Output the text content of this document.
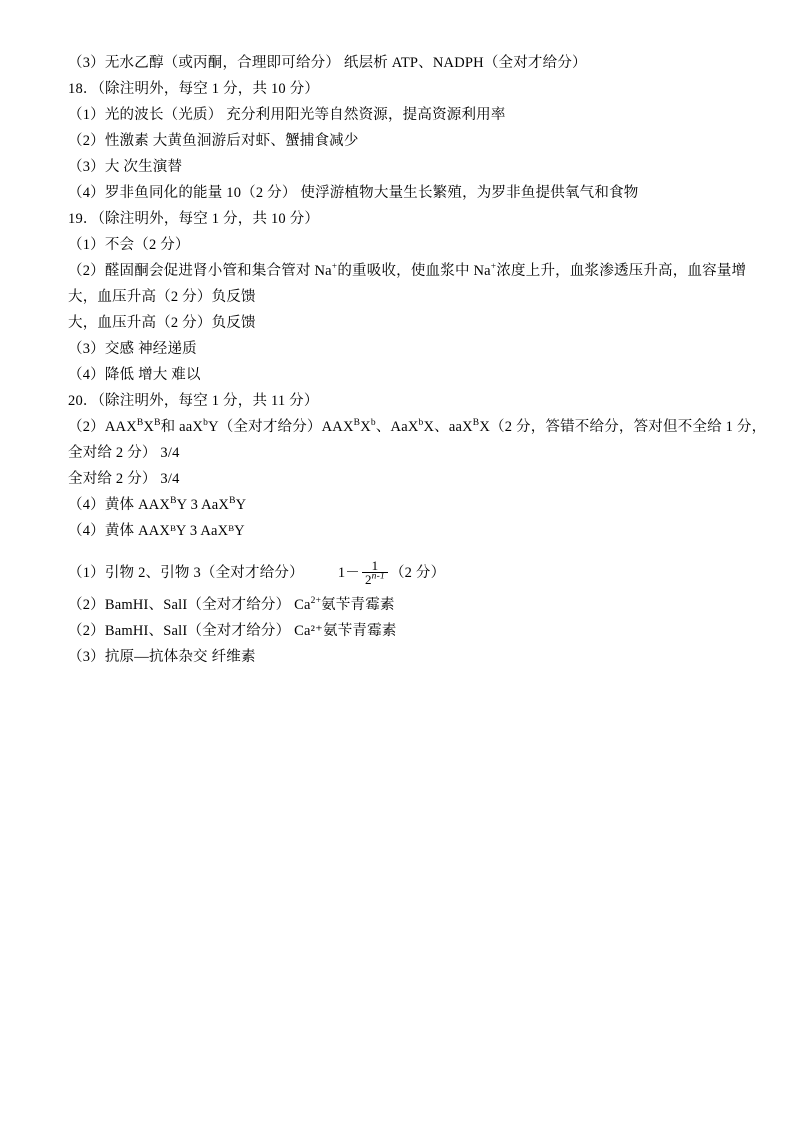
（3）无水乙醇（或丙酮，合理即可给分） 纸层析 ATP、NADPH（全对才给分）
18．（除注明外，每空 1 分，共 10 分）
（1）光的波长（光质） 充分利用阳光等自然资源，提高资源利用率
（2）性激素 大黄鱼洄游后对虾、蟹捕食减少
（3）大 次生演替
（4）罗非鱼同化的能量 10（2 分） 使浮游植物大量生长繁殖，为罗非鱼提供氧气和食物
19．（除注明外，每空 1 分，共 10 分）
（1）不会（2 分）
（2）醛固酮会促进肾小管和集合管对 Na+的重吸收，使血浆中 Na+浓度上升，血浆渗透压升高，血容量增
大，血压升高（2 分）负反馈
大，血压升高（2 分）负反馈
（3）交感 神经递质
（4）降低 增大 难以
20．（除注明外，每空 1 分，共 11 分）
$(2)AAX^BX^B$和 aaX$^b$Y（全对才给分）$AAX^BX^b$、AaX$^b$X、aaX$^B$X（2 分，答错不给分，答对但不全给 1 分，
全对给 2 分） 3/4
全对给 2 分） 3/4
（4）黄体 $AAX^BY$ 3 AaX$^B$Y
（4）黄体 AAXᴮY 3 AaXᴮY
（1）引物 2、引物 3（全对才给分） $1- \frac{1}{2^{n-1}} (2$ 分）
（2）BamHI、SalI（全对才给分） $Ca^{2+}$氨苄青霉素
（2）BamHI、SalI（全对才给分） Ca²⁺氨苄青霉素
（3）抗原—抗体杂交 纤维素
